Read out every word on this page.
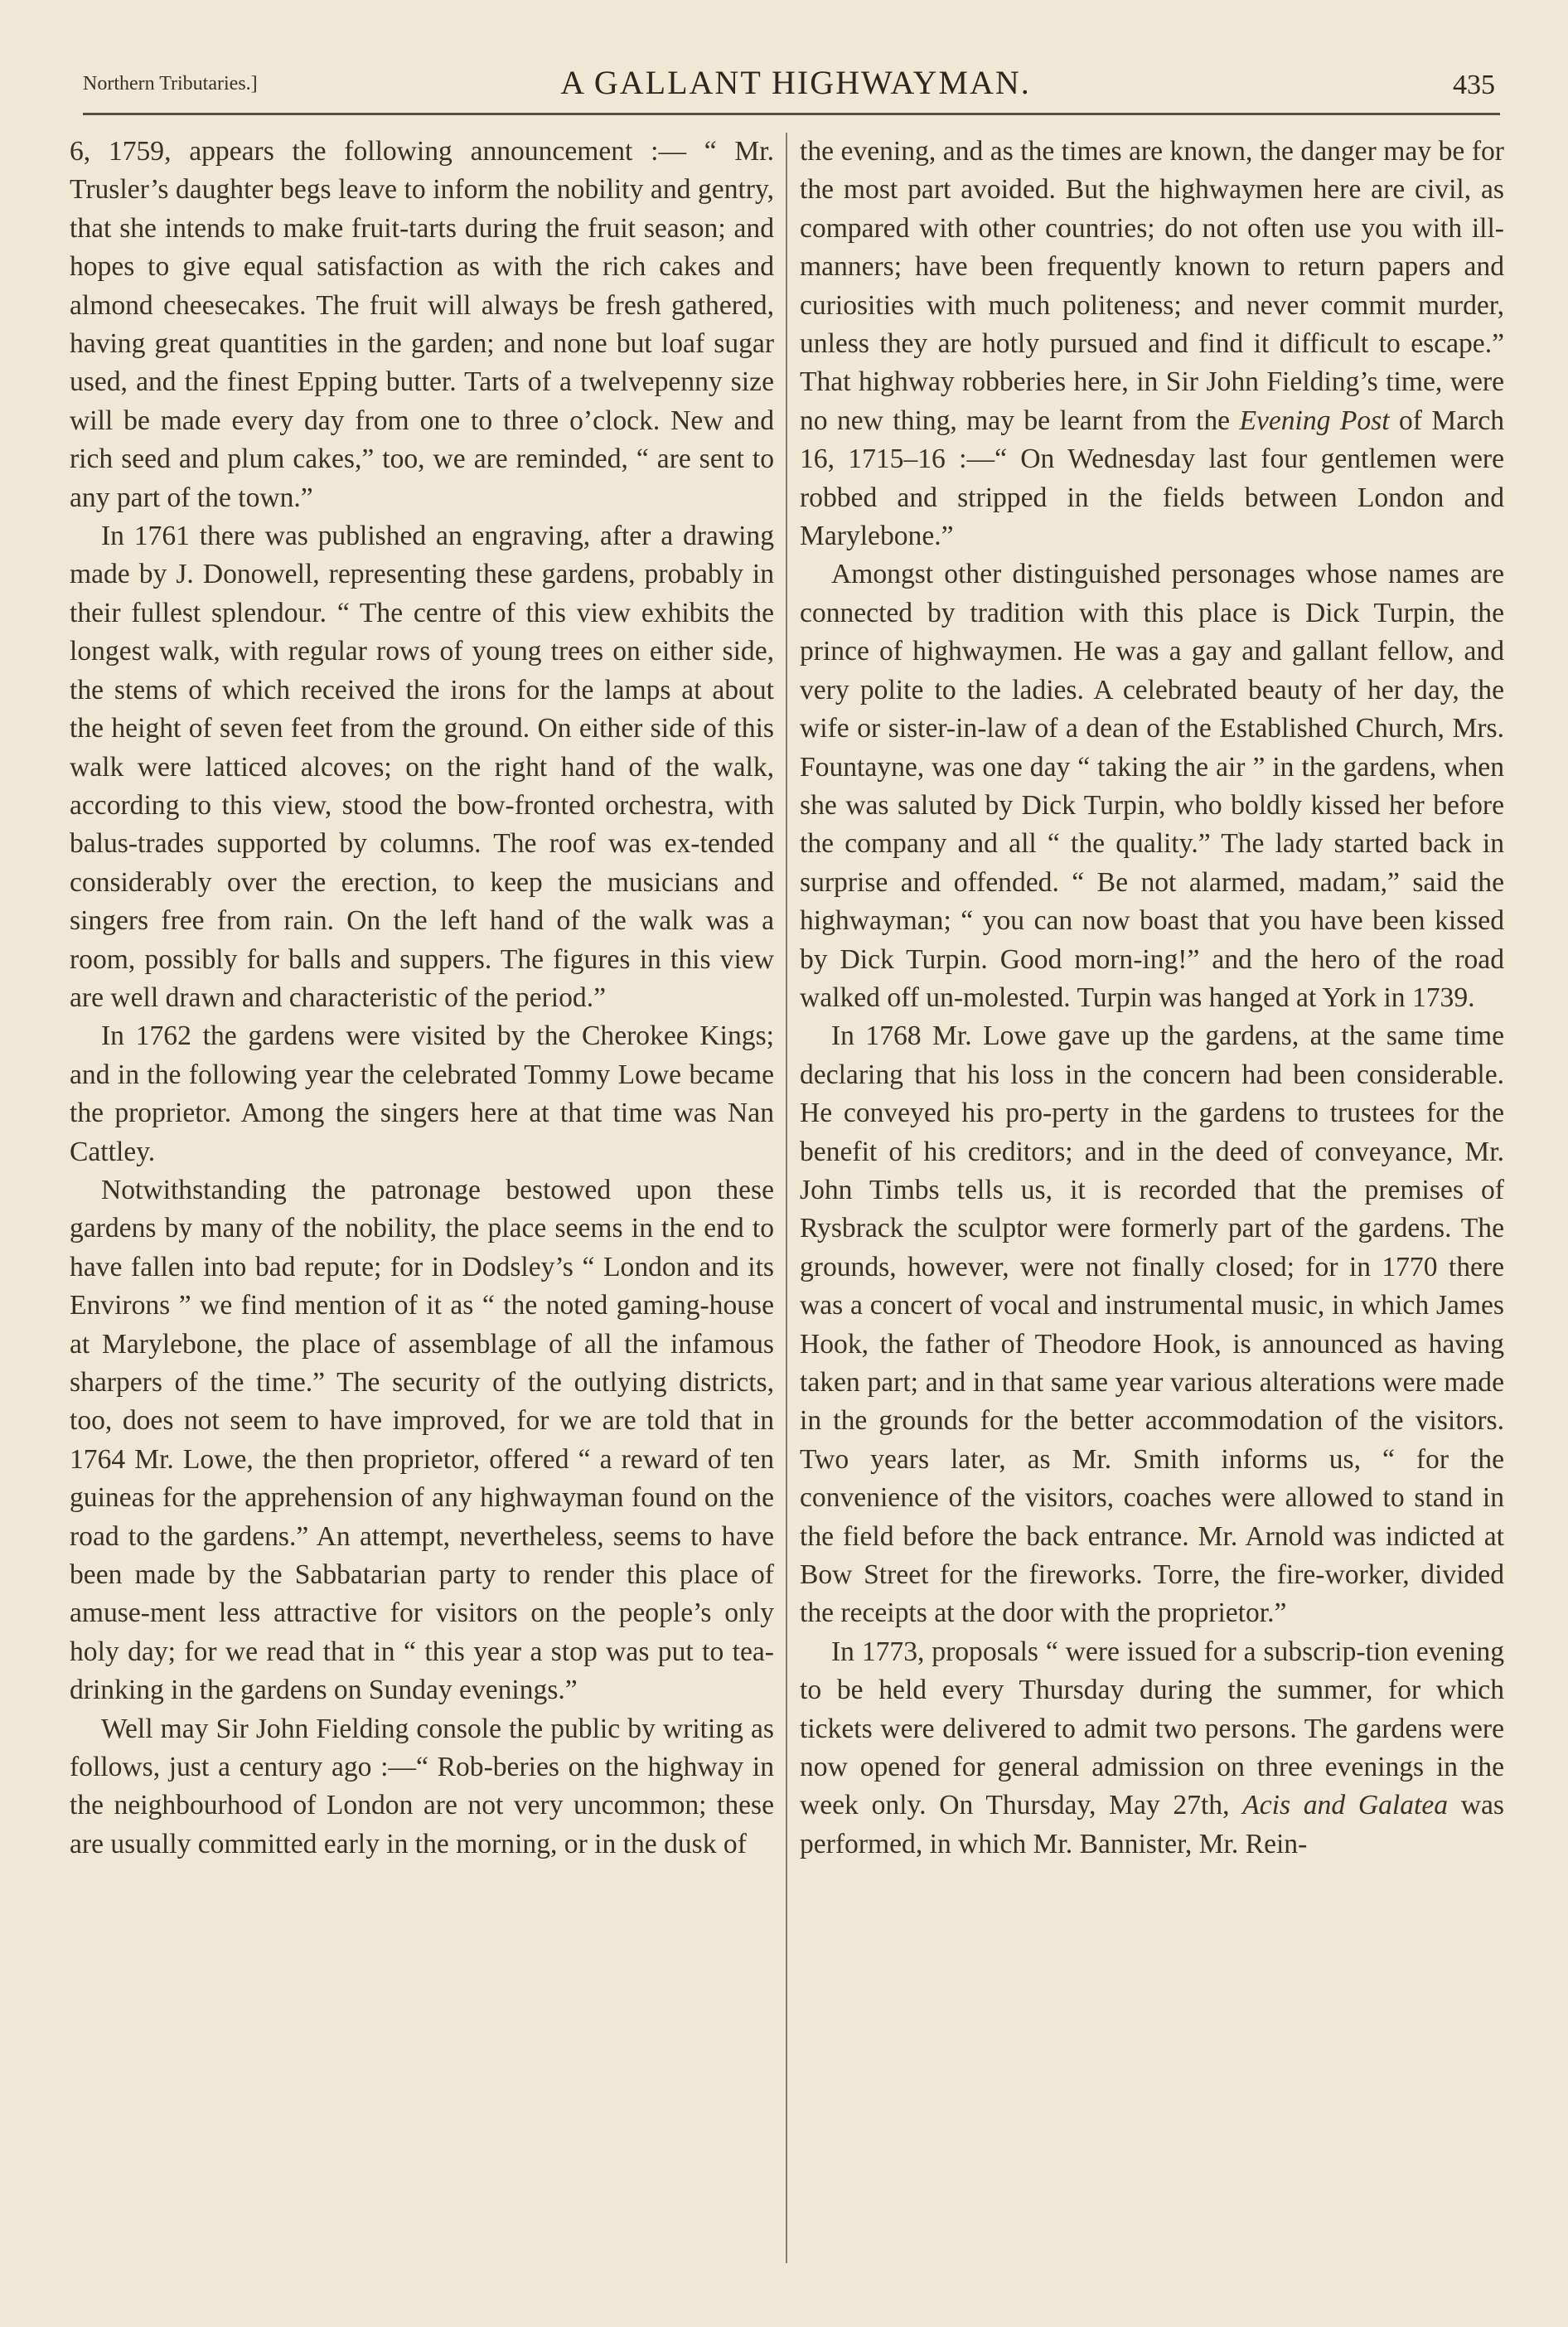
Northern Tributaries.]	A GALLANT HIGHWAYMAN.	435

6, 1759, appears the following announcement :— “ Mr. Trusler’s daughter begs leave to inform the nobility and gentry, that she intends to make fruit-tarts during the fruit season; and hopes to give equal satisfaction as with the rich cakes and almond cheesecakes. The fruit will always be fresh gathered, having great quantities in the garden; and none but loaf sugar used, and the finest Epping butter. Tarts of a twelvepenny size will be made every day from one to three o’clock. New and rich seed and plum cakes,” too, we are reminded, “ are sent to any part of the town.”

In 1761 there was published an engraving, after a drawing made by J. Donowell, representing these gardens, probably in their fullest splendour. “ The centre of this view exhibits the longest walk, with regular rows of young trees on either side, the stems of which received the irons for the lamps at about the height of seven feet from the ground. On either side of this walk were latticed alcoves; on the right hand of the walk, according to this view, stood the bow-fronted orchestra, with balus-trades supported by columns. The roof was ex-tended considerably over the erection, to keep the musicians and singers free from rain. On the left hand of the walk was a room, possibly for balls and suppers. The figures in this view are well drawn and characteristic of the period.”

In 1762 the gardens were visited by the Cherokee Kings; and in the following year the celebrated Tommy Lowe became the proprietor. Among the singers here at that time was Nan Cattley.

Notwithstanding the patronage bestowed upon these gardens by many of the nobility, the place seems in the end to have fallen into bad repute; for in Dodsley’s “ London and its Environs ” we find mention of it as “ the noted gaming-house at Marylebone, the place of assemblage of all the infamous sharpers of the time.” The security of the outlying districts, too, does not seem to have improved, for we are told that in 1764 Mr. Lowe, the then proprietor, offered “ a reward of ten guineas for the apprehension of any highwayman found on the road to the gardens.” An attempt, nevertheless, seems to have been made by the Sabbatarian party to render this place of amuse-ment less attractive for visitors on the people’s only holy day; for we read that in “ this year a stop was put to tea-drinking in the gardens on Sunday evenings.”

Well may Sir John Fielding console the public by writing as follows, just a century ago :—“ Rob-beries on the highway in the neighbourhood of London are not very uncommon; these are usually committed early in the morning, or in the dusk of

the evening, and as the times are known, the danger may be for the most part avoided. But the highwaymen here are civil, as compared with other countries; do not often use you with ill-manners; have been frequently known to return papers and curiosities with much politeness; and never commit murder, unless they are hotly pursued and find it difficult to escape.” That highway robberies here, in Sir John Fielding’s time, were no new thing, may be learnt from the Evening Post of March 16, 1715–16 :—“ On Wednesday last four gentlemen were robbed and stripped in the fields between London and Marylebone.”

Amongst other distinguished personages whose names are connected by tradition with this place is Dick Turpin, the prince of highwaymen. He was a gay and gallant fellow, and very polite to the ladies. A celebrated beauty of her day, the wife or sister-in-law of a dean of the Established Church, Mrs. Fountayne, was one day “ taking the air ” in the gardens, when she was saluted by Dick Turpin, who boldly kissed her before the company and all “ the quality.” The lady started back in surprise and offended. “ Be not alarmed, madam,” said the highwayman; “ you can now boast that you have been kissed by Dick Turpin. Good morn-ing!” and the hero of the road walked off un-molested. Turpin was hanged at York in 1739.

In 1768 Mr. Lowe gave up the gardens, at the same time declaring that his loss in the concern had been considerable. He conveyed his pro-perty in the gardens to trustees for the benefit of his creditors; and in the deed of conveyance, Mr. John Timbs tells us, it is recorded that the premises of Rysbrack the sculptor were formerly part of the gardens. The grounds, however, were not finally closed; for in 1770 there was a concert of vocal and instrumental music, in which James Hook, the father of Theodore Hook, is announced as having taken part; and in that same year various alterations were made in the grounds for the better accommodation of the visitors. Two years later, as Mr. Smith informs us, “ for the convenience of the visitors, coaches were allowed to stand in the field before the back entrance. Mr. Arnold was indicted at Bow Street for the fireworks. Torre, the fire-worker, divided the receipts at the door with the proprietor.”

In 1773, proposals “ were issued for a subscrip-tion evening to be held every Thursday during the summer, for which tickets were delivered to admit two persons. The gardens were now opened for general admission on three evenings in the week only. On Thursday, May 27th, Acis and Galatea was performed, in which Mr. Bannister, Mr. Rein-
